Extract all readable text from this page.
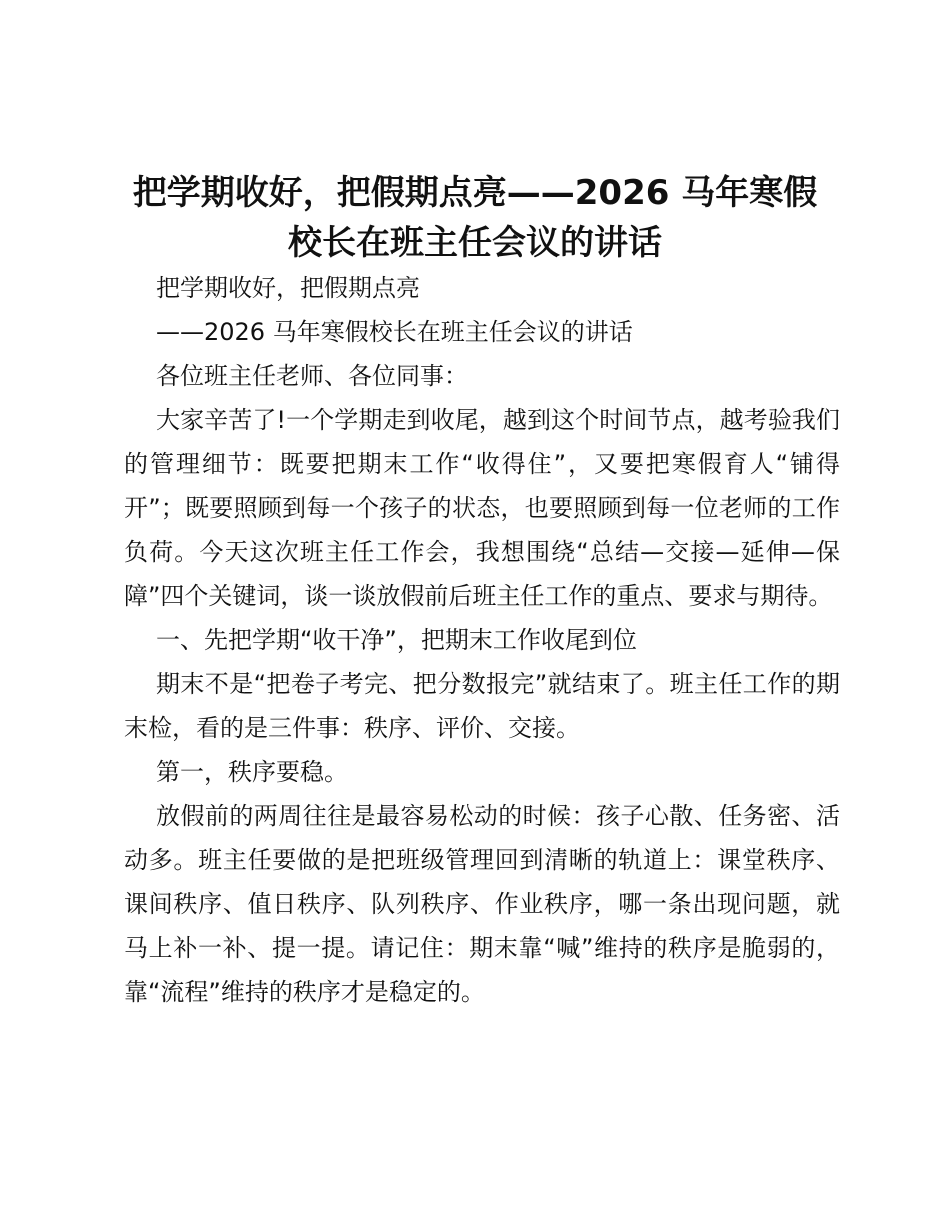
把学期收好，把假期点亮——2026 马年寒假
校长在班主任会议的讲话

把学期收好，把假期点亮

——2026 马年寒假校长在班主任会议的讲话

各位班主任老师、各位同事：

大家辛苦了!一个学期走到收尾，越到这个时间节点，越考验我们的管理细节：既要把期末工作“收得住”，又要把寒假育人“铺得开”；既要照顾到每一个孩子的状态，也要照顾到每一位老师的工作负荷。今天这次班主任工作会，我想围绕“总结—交接—延伸—保障”四个关键词，谈一谈放假前后班主任工作的重点、要求与期待。

一、先把学期“收干净”，把期末工作收尾到位

期末不是“把卷子考完、把分数报完”就结束了。班主任工作的期末检，看的是三件事：秩序、评价、交接。

第一，秩序要稳。

放假前的两周往往是最容易松动的时候：孩子心散、任务密、活动多。班主任要做的是把班级管理回到清晰的轨道上：课堂秩序、课间秩序、值日秩序、队列秩序、作业秩序，哪一条出现问题，就马上补一补、提一提。请记住：期末靠“喊”维持的秩序是脆弱的，靠“流程”维持的秩序才是稳定的。
